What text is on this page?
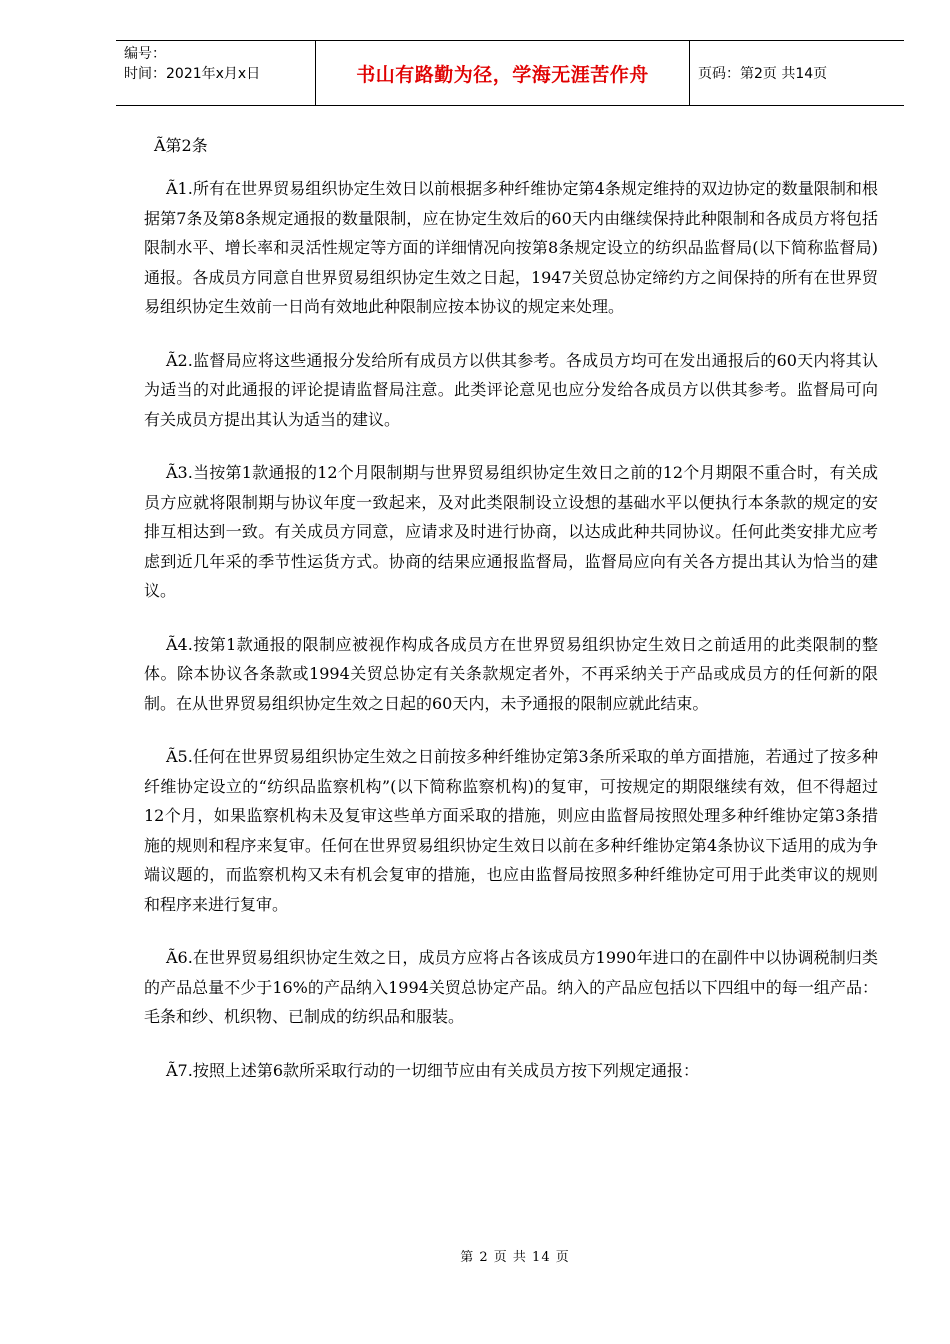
编号：
时间：2021年x月x日	书山有路勤为径，学海无涯苦作舟	页码：第2页 共14页
Ã第2条

Ã1.所有在世界贸易组织协定生效日以前根据多种纤维协定第4条规定维持的双边协定的数量限制和根据第7条及第8条规定通报的数量限制，应在协定生效后的60天内由继续保持此种限制和各成员方将包括限制水平、增长率和灵活性规定等方面的详细情况向按第8条规定设立的纺织品监督局(以下简称监督局)通报。各成员方同意自世界贸易组织协定生效之日起，1947关贸总协定缔约方之间保持的所有在世界贸易组织协定生效前一日尚有效地此种限制应按本协议的规定来处理。

Ã2.监督局应将这些通报分发给所有成员方以供其参考。各成员方均可在发出通报后的60天内将其认为适当的对此通报的评论提请监督局注意。此类评论意见也应分发给各成员方以供其参考。监督局可向有关成员方提出其认为适当的建议。

Ã3.当按第1款通报的12个月限制期与世界贸易组织协定生效日之前的12个月期限不重合时，有关成员方应就将限制期与协议年度一致起来，及对此类限制设立设想的基础水平以便执行本条款的规定的安排互相达到一致。有关成员方同意，应请求及时进行协商，以达成此种共同协议。任何此类安排尤应考虑到近几年采的季节性运货方式。协商的结果应通报监督局，监督局应向有关各方提出其认为恰当的建议。

Ã4.按第1款通报的限制应被视作构成各成员方在世界贸易组织协定生效日之前适用的此类限制的整体。除本协议各条款或1994关贸总协定有关条款规定者外，不再采纳关于产品或成员方的任何新的限制。在从世界贸易组织协定生效之日起的60天内，未予通报的限制应就此结束。

Ã5.任何在世界贸易组织协定生效之日前按多种纤维协定第3条所采取的单方面措施，若通过了按多种纤维协定设立的“纺织品监察机构”(以下简称监察机构)的复审，可按规定的期限继续有效，但不得超过12个月，如果监察机构未及复审这些单方面采取的措施，则应由监督局按照处理多种纤维协定第3条措施的规则和程序来复审。任何在世界贸易组织协定生效日以前在多种纤维协定第4条协议下适用的成为争端议题的，而监察机构又未有机会复审的措施，也应由监督局按照多种纤维协定可用于此类审议的规则和程序来进行复审。

Ã6.在世界贸易组织协定生效之日，成员方应将占各该成员方1990年进口的在副件中以协调税制归类的产品总量不少于16%的产品纳入1994关贸总协定产品。纳入的产品应包括以下四组中的每一组产品：毛条和纱、机织物、已制成的纺织品和服装。

Ã7.按照上述第6款所采取行动的一切细节应由有关成员方按下列规定通报：

第 2 页 共 14 页
